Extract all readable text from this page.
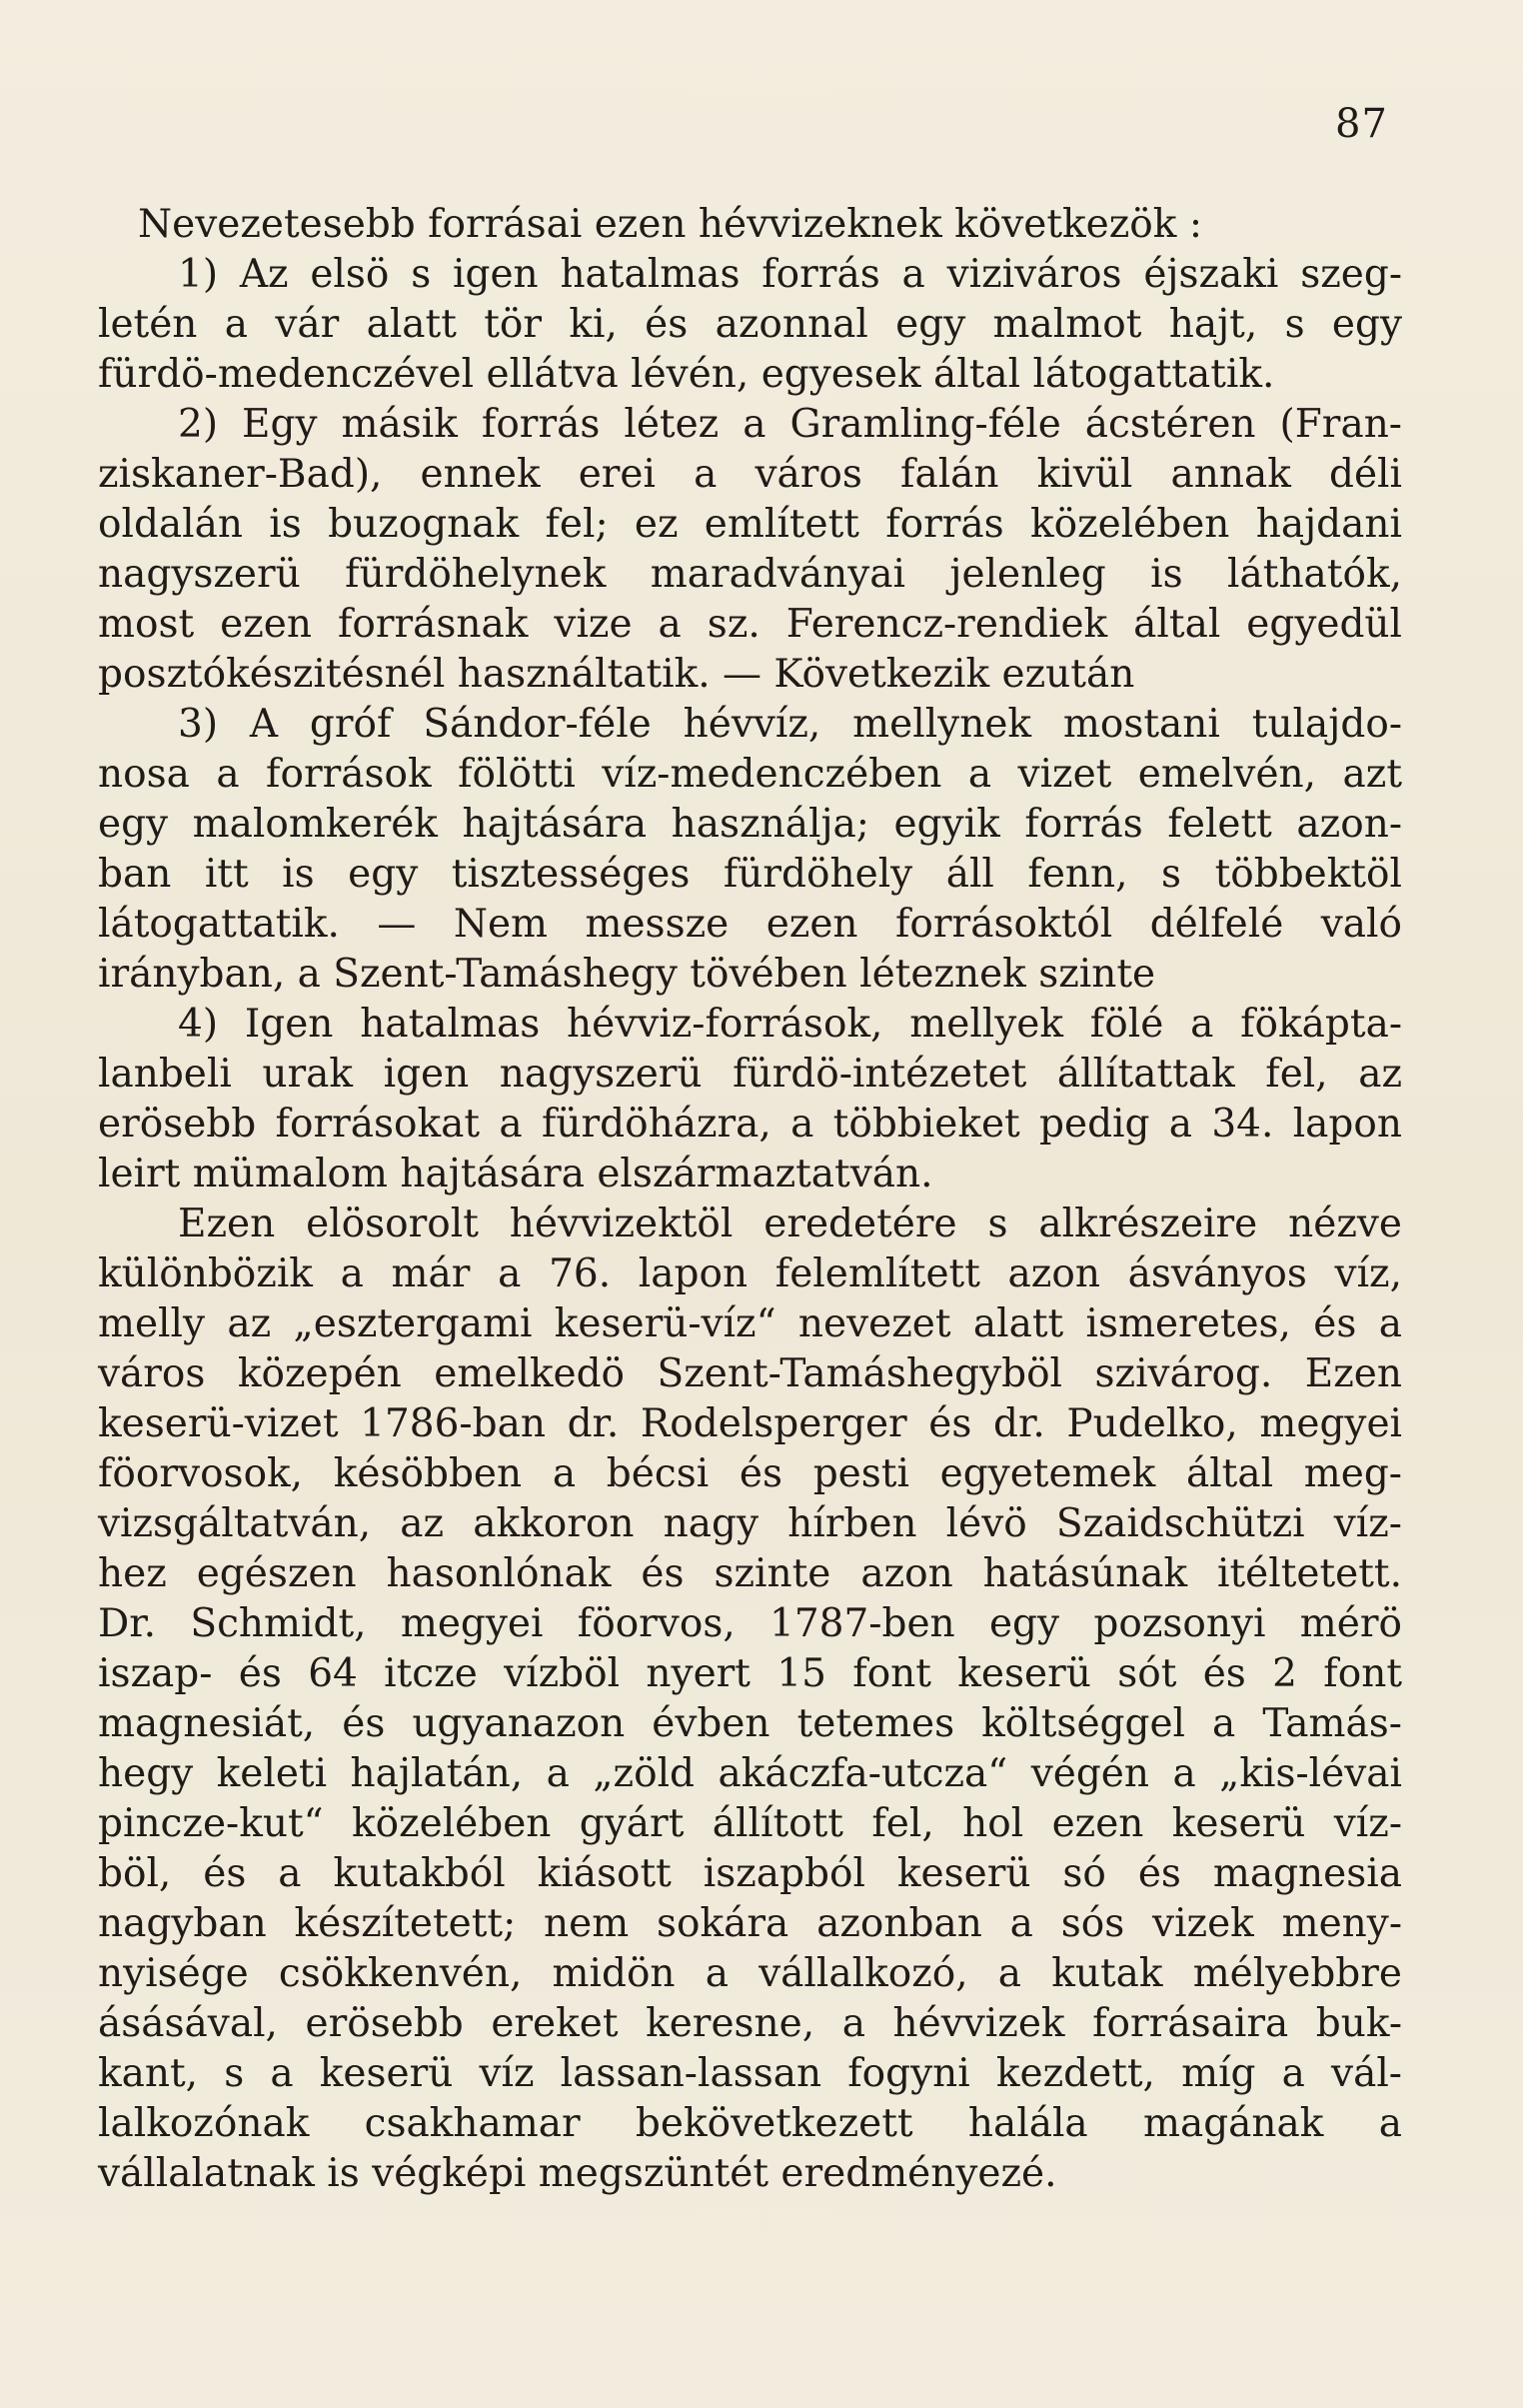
87
Nevezetesebb forrásai ezen hévvizeknek következök :
1) Az elsö s igen hatalmas forrás a viziváros éjszaki szeg-
letén a vár alatt tör ki, és azonnal egy malmot hajt, s egy
fürdö-medenczével ellátva lévén, egyesek által látogattatik.
2) Egy másik forrás létez a Gramling-féle ácstéren (Fran-
ziskaner-Bad), ennek erei a város falán kivül annak déli
oldalán is buzognak fel; ez említett forrás közelében hajdani
nagyszerü fürdöhelynek maradványai jelenleg is láthatók,
most ezen forrásnak vize a sz. Ferencz-rendiek által egyedül
posztókészitésnél használtatik. — Következik ezután
3) A gróf Sándor-féle hévvíz, mellynek mostani tulajdo-
nosa a források fölötti víz-medenczében a vizet emelvén, azt
egy malomkerék hajtására használja; egyik forrás felett azon-
ban itt is egy tisztességes fürdöhely áll fenn, s többektöl
látogattatik. — Nem messze ezen forrásoktól délfelé való
irányban, a Szent-Tamáshegy tövében léteznek szinte
4) Igen hatalmas hévviz-források, mellyek fölé a fökápta-
lanbeli urak igen nagyszerü fürdö-intézetet állítattak fel, az
erösebb forrásokat a fürdöházra, a többieket pedig a 34. lapon
leirt mümalom hajtására elszármaztatván.
Ezen elösorolt hévvizektöl eredetére s alkrészeire nézve
különbözik a már a 76. lapon felemlített azon ásványos víz,
melly az „esztergami keserü-víz“ nevezet alatt ismeretes, és a
város közepén emelkedö Szent-Tamáshegyböl szivárog. Ezen
keserü-vizet 1786-ban dr. Rodelsperger és dr. Pudelko, megyei
föorvosok, késöbben a bécsi és pesti egyetemek által meg-
vizsgáltatván, az akkoron nagy hírben lévö Szaidschützi víz-
hez egészen hasonlónak és szinte azon hatásúnak itéltetett.
Dr. Schmidt, megyei föorvos, 1787-ben egy pozsonyi mérö
iszap- és 64 itcze vízböl nyert 15 font keserü sót és 2 font
magnesiát, és ugyanazon évben tetemes költséggel a Tamás-
hegy keleti hajlatán, a „zöld akáczfa-utcza“ végén a „kis-lévai
pincze-kut“ közelében gyárt állított fel, hol ezen keserü víz-
böl, és a kutakból kiásott iszapból keserü só és magnesia
nagyban készítetett; nem sokára azonban a sós vizek meny-
nyisége csökkenvén, midön a vállalkozó, a kutak mélyebbre
ásásával, erösebb ereket keresne, a hévvizek forrásaira buk-
kant, s a keserü víz lassan-lassan fogyni kezdett, míg a vál-
lalkozónak csakhamar bekövetkezett halála magának a
vállalatnak is végképi megszüntét eredményezé.
